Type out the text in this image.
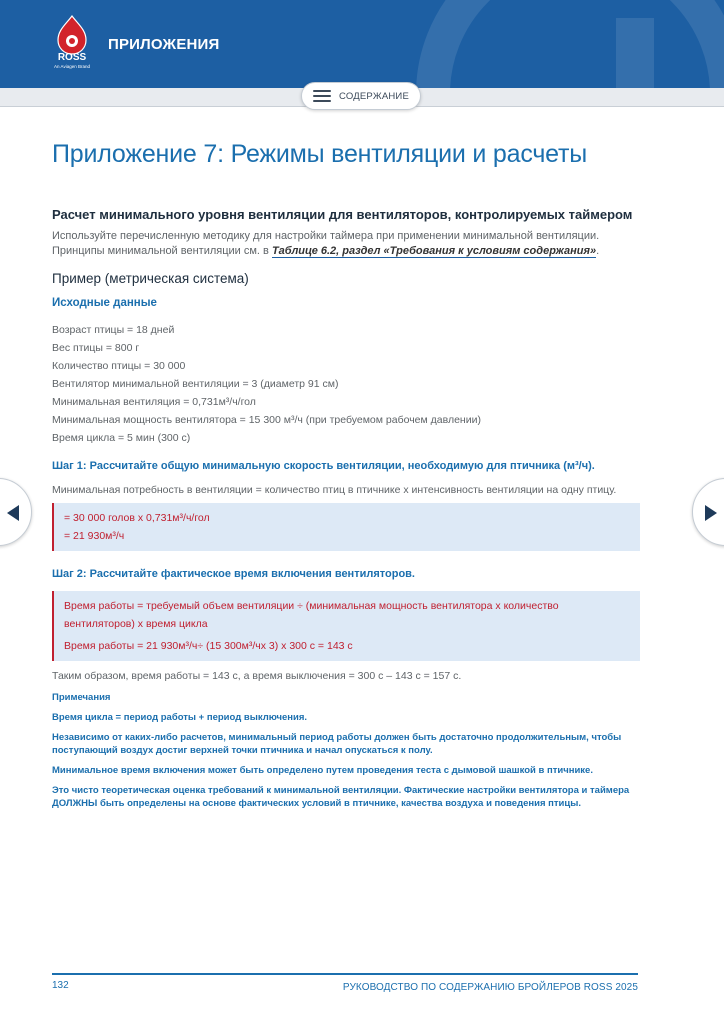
ROSS
An Aviagen Brand
ПРИЛОЖЕНИЯ
СОДЕРЖАНИЕ
Приложение 7: Режимы вентиляции и расчеты

Расчет минимального уровня вентиляции для вентиляторов, контролируемых таймером

Используйте перечисленную методику для настройки таймера при применении минимальной вентиляции. Принципы минимальной вентиляции см. в Таблице 6.2, раздел «Требования к условиям содержания».

Пример (метрическая система)

Исходные данные

Возраст птицы = 18 дней
Вес птицы = 800 г
Количество птицы = 30 000
Вентилятор минимальной вентиляции = 3 (диаметр 91 см)
Минимальная вентиляция = 0,731м³/ч/гол
Минимальная мощность вентилятора = 15 300 м³/ч (при требуемом рабочем давлении)
Время цикла = 5 мин (300 с)

Шаг 1: Рассчитайте общую минимальную скорость вентиляции, необходимую для птичника (м³/ч).

Минимальная потребность в вентиляции = количество птиц в птичнике x интенсивность вентиляции на одну птицу.

= 30 000 голов x 0,731м³/ч/гол
= 21 930м³/ч

Шаг 2: Рассчитайте фактическое время включения вентиляторов.

Время работы = требуемый объем вентиляции ÷ (минимальная мощность вентилятора x количество вентиляторов) x время цикла
Время работы = 21 930м³/ч÷ (15 300м³/чх 3) x 300 с = 143 с

Таким образом, время работы = 143 с, а время выключения = 300 с – 143 с = 157 с.

Примечания

Время цикла = период работы + период выключения.

Независимо от каких-либо расчетов, минимальный период работы должен быть достаточно продолжительным, чтобы поступающий воздух достиг верхней точки птичника и начал опускаться к полу.

Минимальное время включения может быть определено путем проведения теста с дымовой шашкой в птичнике.

Это чисто теоретическая оценка требований к минимальной вентиляции. Фактические настройки вентилятора и таймера ДОЛЖНЫ быть определены на основе фактических условий в птичнике, качества воздуха и поведения птицы.

132	РУКОВОДСТВО ПО СОДЕРЖАНИЮ БРОЙЛЕРОВ ROSS 2025
